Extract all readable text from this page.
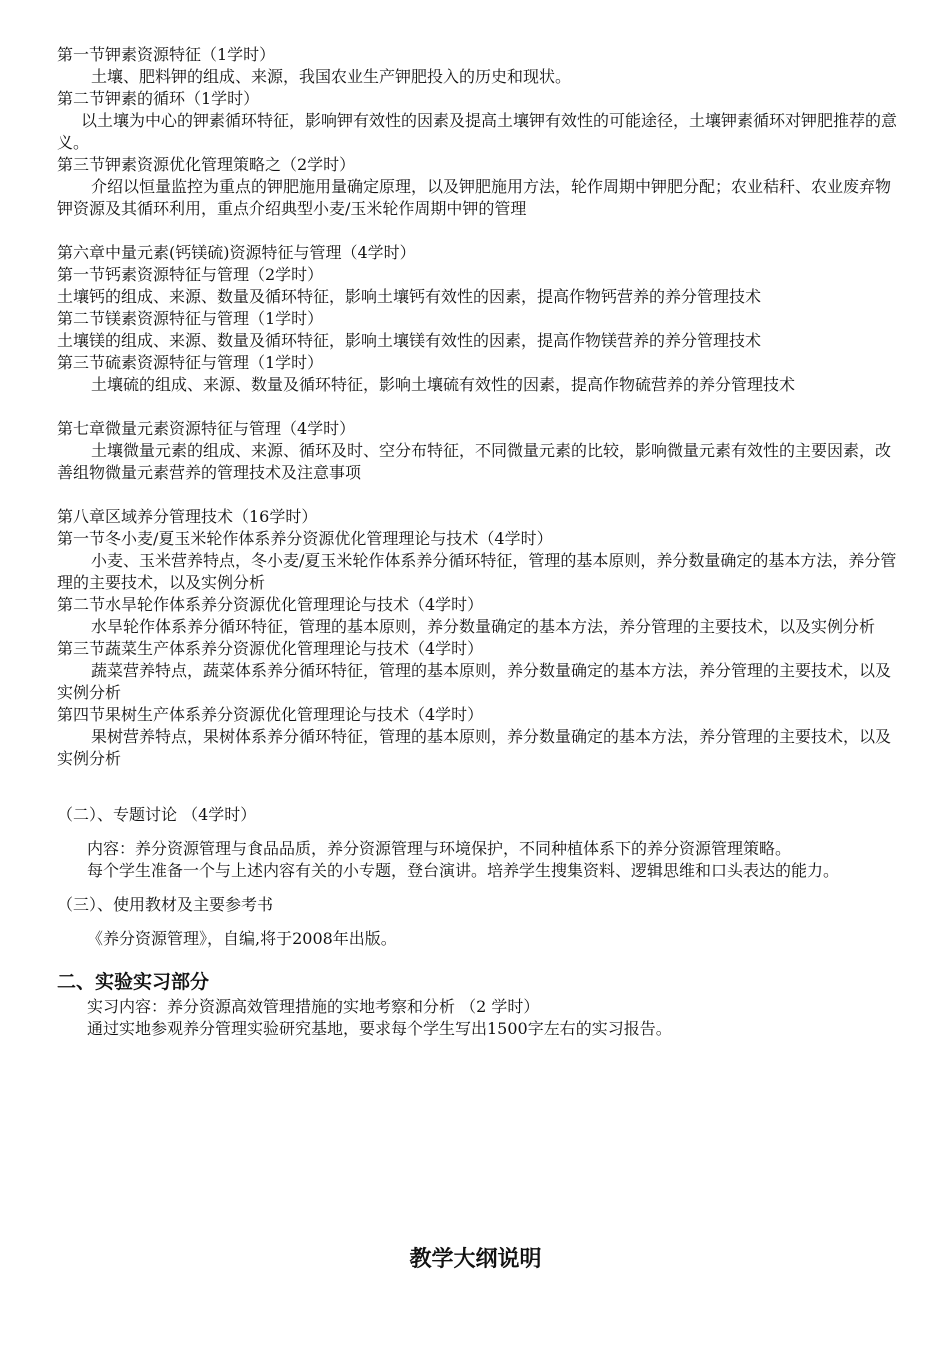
第一节钾素资源特征（1学时）

土壤、肥料钾的组成、来源，我国农业生产钾肥投入的历史和现状。

第二节钾素的循环（1学时）

以土壤为中心的钾素循环特征，影响钾有效性的因素及提高土壤钾有效性的可能途径，土壤钾素循环对钾肥推荐的意义。

第三节钾素资源优化管理策略之（2学时）

介绍以恒量监控为重点的钾肥施用量确定原理，以及钾肥施用方法，轮作周期中钾肥分配；农业秸秆、农业废弃物钾资源及其循环利用，重点介绍典型小麦/玉米轮作周期中钾的管理

第六章中量元素(钙镁硫)资源特征与管理（4学时）

第一节钙素资源特征与管理（2学时）

土壤钙的组成、来源、数量及循环特征，影响土壤钙有效性的因素，提高作物钙营养的养分管理技术

第二节镁素资源特征与管理（1学时）

土壤镁的组成、来源、数量及循环特征，影响土壤镁有效性的因素，提高作物镁营养的养分管理技术

第三节硫素资源特征与管理（1学时）

土壤硫的组成、来源、数量及循环特征，影响土壤硫有效性的因素，提高作物硫营养的养分管理技术

第七章微量元素资源特征与管理（4学时）

土壤微量元素的组成、来源、循环及时、空分布特征，不同微量元素的比较，影响微量元素有效性的主要因素，改善组物微量元素营养的管理技术及注意事项

第八章区域养分管理技术（16学时）

第一节冬小麦/夏玉米轮作体系养分资源优化管理理论与技术（4学时）

小麦、玉米营养特点，冬小麦/夏玉米轮作体系养分循环特征，管理的基本原则，养分数量确定的基本方法，养分管理的主要技术，以及实例分析

第二节水旱轮作体系养分资源优化管理理论与技术（4学时）

水旱轮作体系养分循环特征，管理的基本原则，养分数量确定的基本方法，养分管理的主要技术，以及实例分析

第三节蔬菜生产体系养分资源优化管理理论与技术（4学时）

蔬菜营养特点，蔬菜体系养分循环特征，管理的基本原则，养分数量确定的基本方法，养分管理的主要技术，以及实例分析

第四节果树生产体系养分资源优化管理理论与技术（4学时）

果树营养特点，果树体系养分循环特征，管理的基本原则，养分数量确定的基本方法，养分管理的主要技术，以及实例分析

（二）、专题讨论 （4学时）

内容：养分资源管理与食品品质，养分资源管理与环境保护，不同种植体系下的养分资源管理策略。

每个学生准备一个与上述内容有关的小专题，登台演讲。培养学生搜集资料、逻辑思维和口头表达的能力。

（三）、使用教材及主要参考书

《养分资源管理》，自编,将于2008年出版。

二、实验实习部分

实习内容：养分资源高效管理措施的实地考察和分析 （2 学时）

通过实地参观养分管理实验研究基地，要求每个学生写出1500字左右的实习报告。

教学大纲说明
